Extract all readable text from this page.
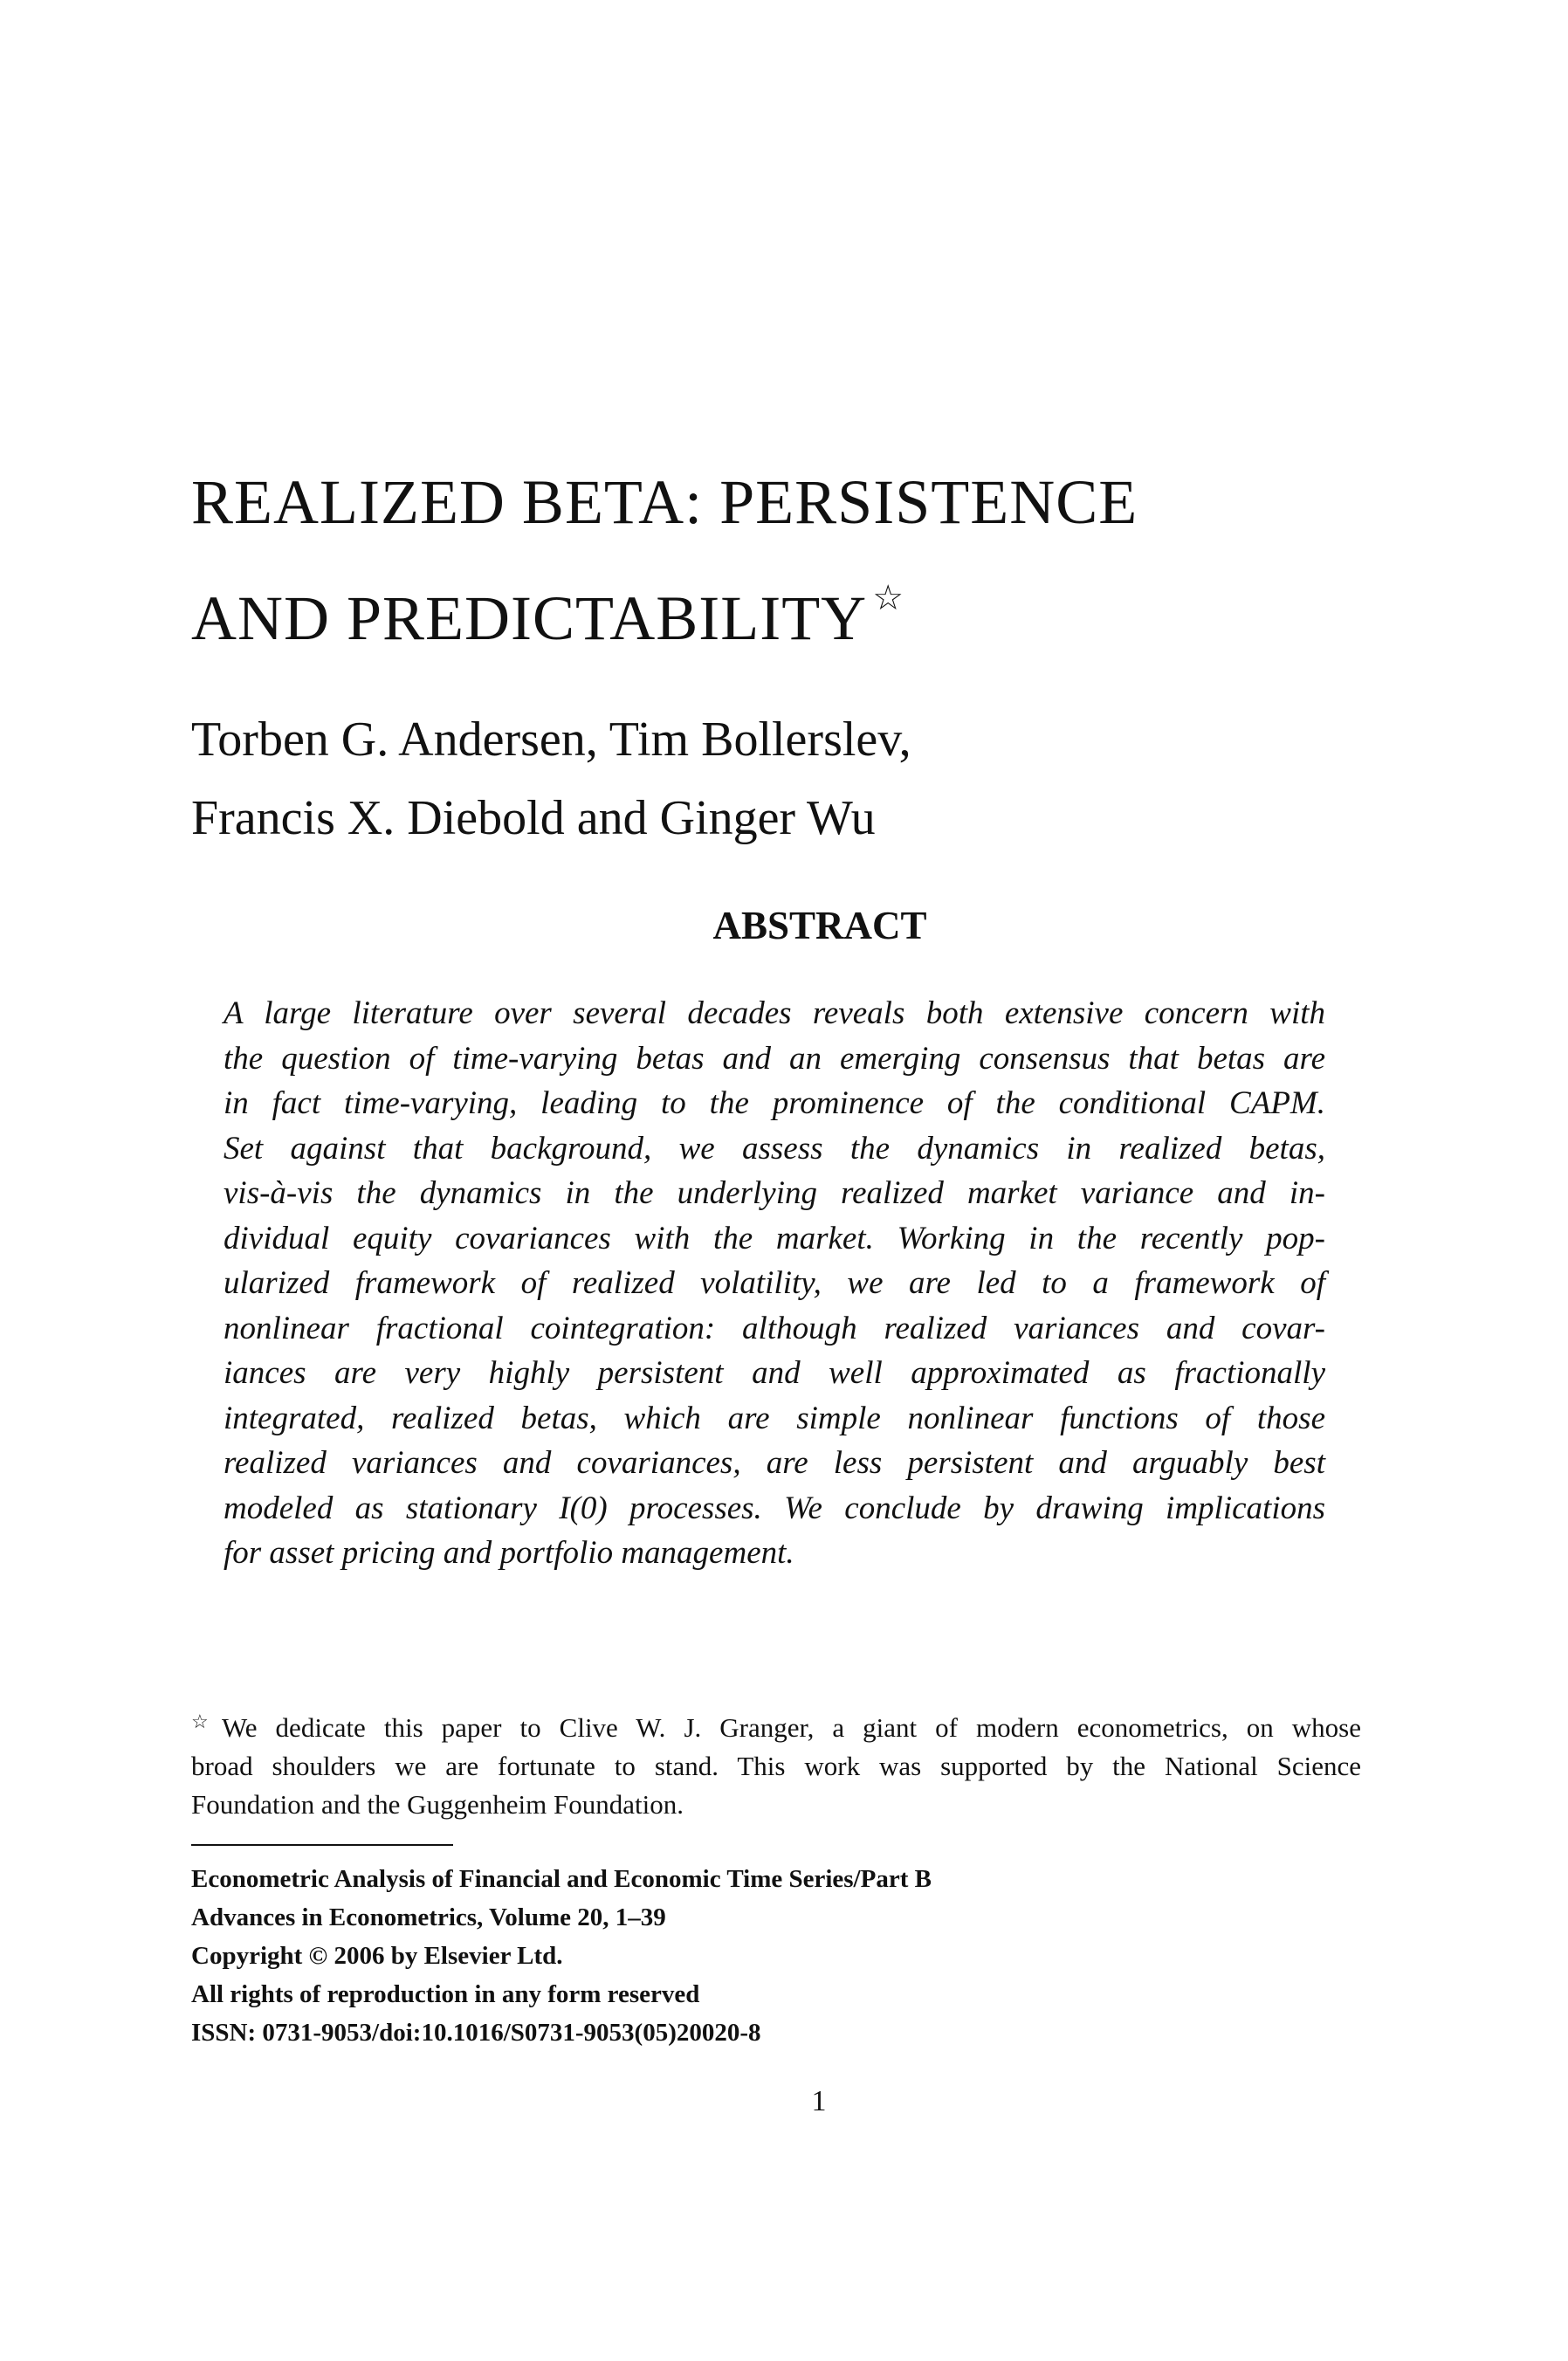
REALIZED BETA: PERSISTENCE
AND PREDICTABILITY ☆
Torben G. Andersen, Tim Bollerslev,
Francis X. Diebold and Ginger Wu
ABSTRACT
A large literature over several decades reveals both extensive concern with
the question of time-varying betas and an emerging consensus that betas are
in fact time-varying, leading to the prominence of the conditional CAPM.
Set against that background, we assess the dynamics in realized betas,
vis-à-vis the dynamics in the underlying realized market variance and in-
dividual equity covariances with the market. Working in the recently pop-
ularized framework of realized volatility, we are led to a framework of
nonlinear fractional cointegration: although realized variances and covar-
iances are very highly persistent and well approximated as fractionally
integrated, realized betas, which are simple nonlinear functions of those
realized variances and covariances, are less persistent and arguably best
modeled as stationary I(0) processes. We conclude by drawing implications
for asset pricing and portfolio management.
☆We dedicate this paper to Clive W. J. Granger, a giant of modern econometrics, on whose
broad shoulders we are fortunate to stand. This work was supported by the National Science
Foundation and the Guggenheim Foundation.
Econometric Analysis of Financial and Economic Time Series/Part B
Advances in Econometrics, Volume 20, 1–39
Copyright © 2006 by Elsevier Ltd.
All rights of reproduction in any form reserved
ISSN: 0731-9053/doi:10.1016/S0731-9053(05)20020-8
1
